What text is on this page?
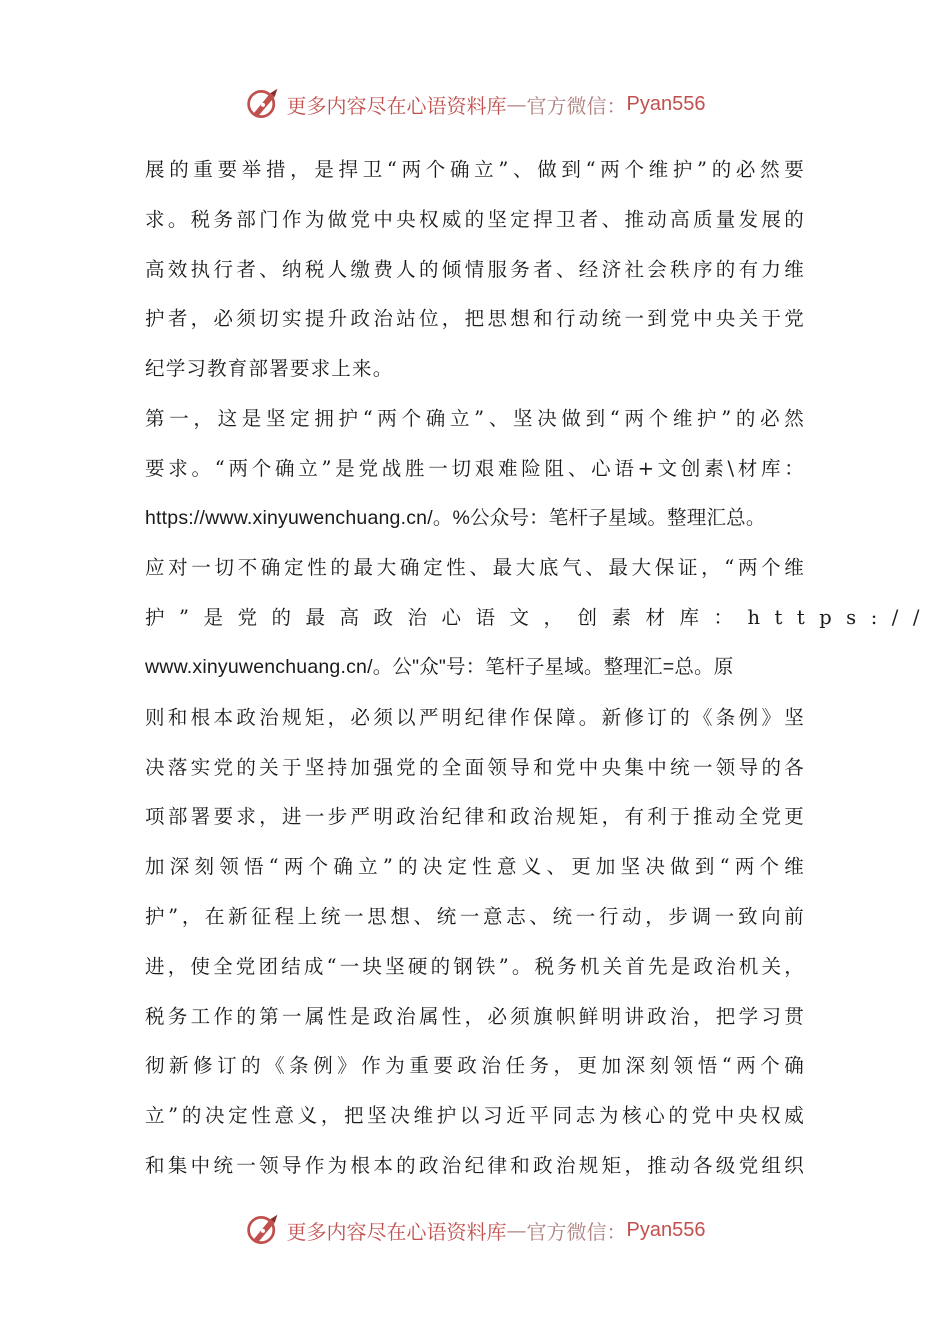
更多内容尽在心语资料库 — 官方微信： Pyan556
展的重要举措，是捍卫“两个确立”、做到“两个维护”的必然要
求。税务部门作为做党中央权威的坚定捍卫者、推动高质量发展的
高效执行者、纳税人缴费人的倾情服务者、经济社会秩序的有力维
护者，必须切实提升政治站位，把思想和行动统一到党中央关于党
纪学习教育部署要求上来。
第一，这是坚定拥护“两个确立”、坚决做到“两个维护”的必然
要求。“两个确立”是党战胜一切艰难险阻、心语+文创素\材库：
https://www.xinyuwenchuang.cn/。%公众号：笔杆子星域。整理汇总。
应对一切不确定性的最大确定性、最大底气、最大保证，“两个维
护”是党的最高政治心语文，创素材库：https://
www.xinyuwenchuang.cn/。公"众"号：笔杆子星域。整理汇=总。原
则和根本政治规矩，必须以严明纪律作保障。新修订的《条例》坚
决落实党的关于坚持加强党的全面领导和党中央集中统一领导的各
项部署要求，进一步严明政治纪律和政治规矩，有利于推动全党更
加深刻领悟“两个确立”的决定性意义、更加坚决做到“两个维
护”，在新征程上统一思想、统一意志、统一行动，步调一致向前
进，使全党团结成“一块坚硬的钢铁”。税务机关首先是政治机关，
税务工作的第一属性是政治属性，必须旗帜鲜明讲政治，把学习贯
彻新修订的《条例》作为重要政治任务，更加深刻领悟“两个确
立”的决定性意义，把坚决维护以习近平同志为核心的党中央权威
和集中统一领导作为根本的政治纪律和政治规矩，推动各级党组织
更多内容尽在心语资料库 — 官方微信： Pyan556
